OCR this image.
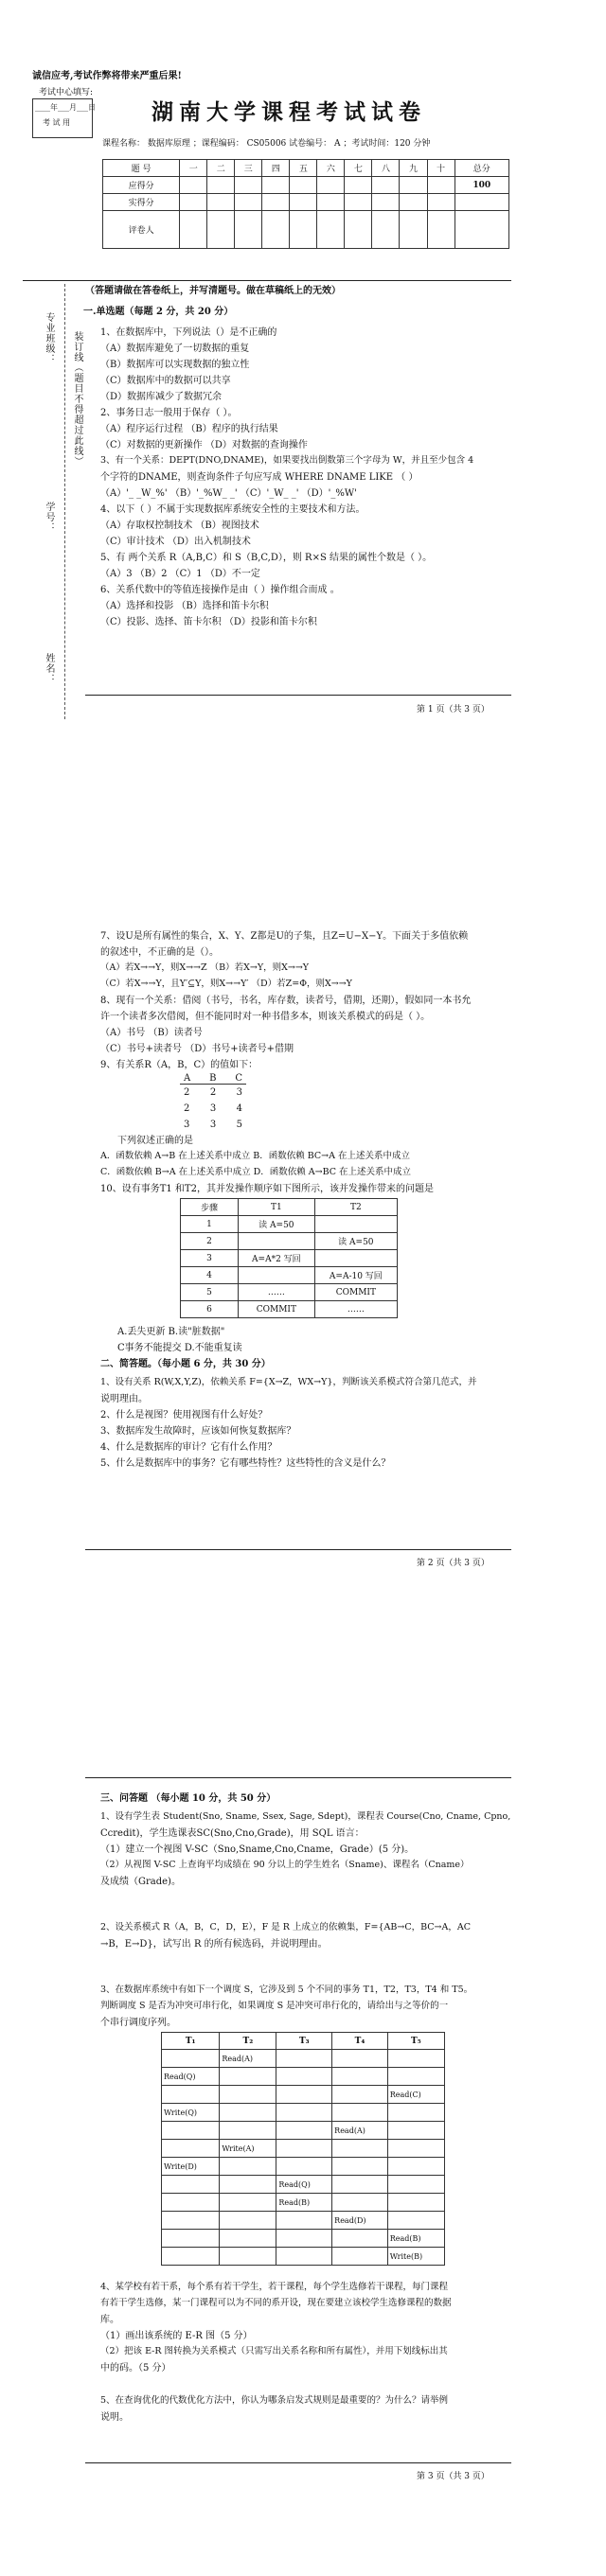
诚信应考,考试作弊将带来严重后果!
考试中心填写:
____年___月___日
考 试 用	湖南大学课程考试试卷
课程名称： 数据库原理 ；课程编码： CS05006 试卷编号： A ；考试时间：120 分钟
题 号	一	二	三	四	五	六	七	八	九	十	总分
应得分											100
实得分											
评卷人											
（答题请做在答卷纸上，并写清题号。做在草稿纸上的无效）
一.单选题（每题 2 分，共 20 分）
专业班级： 装订线（题目不得超过此线）
学号：
姓名：
1、在数据库中，下列说法（）是不正确的
（A）数据库避免了一切数据的重复
（B）数据库可以实现数据的独立性
（C）数据库中的数据可以共享
（D）数据库减少了数据冗余
2、事务日志一般用于保存（ ）。
（A）程序运行过程 （B）程序的执行结果
（C）对数据的更新操作 （D）对数据的查询操作
3、有一个关系：DEPT(DNO,DNAME)，如果要找出倒数第三个字母为 W，并且至少包含 4
个字符的DNAME，则查询条件子句应写成 WHERE DNAME LIKE （ ）
（A）'_ _W_%' （B）'_%W_ _' （C）'_W_ _' （D）'_%W'
4、以下（ ）不属于实现数据库系统安全性的主要技术和方法。
（A）存取权控制技术 （B）视图技术
（C）审计技术 （D）出入机制技术
5、有 两个关系 R（A,B,C）和 S（B,C,D），则 R×S 结果的属性个数是（ ）。
（A）3 （B）2 （C）1 （D）不一定
6、关系代数中的等值连接操作是由（ ）操作组合而成 。
（A）选择和投影 （B）选择和笛卡尔积
（C）投影、选择、笛卡尔积 （D）投影和笛卡尔积
第 1 页（共 3 页）
7、设U是所有属性的集合，X、Y、Z都是U的子集，且Z=U−X−Y。下面关于多值依赖
的叙述中，不正确的是（）。
（A）若X→→Y，则X→→Z （B）若X→Y，则X→→Y
（C）若X→→Y，且Y′⊆Y，则X→→Y′ （D）若Z=Φ，则X→→Y
8、现有一个关系：借阅（书号，书名，库存数，读者号，借期，还期），假如同一本书允
许一个读者多次借阅，但不能同时对一种书借多本，则该关系模式的码是（ ）。
（A）书号 （B）读者号
（C）书号+读者号 （D）书号+读者号+借期
9、有关系R（A，B，C）的值如下：
A B C
2 2 3
2 3 4
3 3 5
下列叙述正确的是
A．函数依赖 A→B 在上述关系中成立 B．函数依赖 BC→A 在上述关系中成立
C．函数依赖 B→A 在上述关系中成立 D．函数依赖 A→BC 在上述关系中成立
10、设有事务T1 和T2，其并发操作顺序如下图所示，该并发操作带来的问题是
步骤	T1	T2
1	读 A=50	
2		读 A=50
3	A=A*2 写回	
4		A=A-10 写回
5	……	COMMIT
6	COMMIT	……
A.丢失更新 B.读"脏数据"
C事务不能提交 D.不能重复读
二、简答题。（每小题 6 分，共 30 分）
1、设有关系 R(W,X,Y,Z)，依赖关系 F={X→Z，WX→Y}，判断该关系模式符合第几范式，并
说明理由。
2、什么是视图？使用视图有什么好处？
3、数据库发生故障时，应该如何恢复数据库？
4、什么是数据库的审计？它有什么作用？
5、什么是数据库中的事务？它有哪些特性？这些特性的含义是什么？
第 2 页（共 3 页）
三、问答题 （每小题 10 分，共 50 分）
1、设有学生表 Student(Sno, Sname, Ssex, Sage, Sdept)，课程表 Course(Cno, Cname, Cpno,
Ccredit)，学生选课表SC(Sno,Cno,Grade)，用 SQL 语言：
（1）建立一个视图 V-SC（Sno,Sname,Cno,Cname，Grade）(5 分)。
（2）从视图 V-SC 上查询平均成绩在 90 分以上的学生姓名（Sname)、课程名（Cname）
及成绩（Grade)。
2、设关系模式 R（A，B，C，D，E），F 是 R 上成立的依赖集，F={AB→C，BC→A，AC
→B，E→D}，试写出 R 的所有候选码，并说明理由。
3、在数据库系统中有如下一个调度 S，它涉及到 5 个不同的事务 T1，T2，T3，T4 和 T5。
判断调度 S 是否为冲突可串行化，如果调度 S 是冲突可串行化的，请给出与之等价的一
个串行调度序列。
T₁	T₂	T₃	T₄	T₅
	Read(A)			
Read(Q)				
				Read(C)
Write(Q)				
			Read(A)	
	Write(A)			
Write(D)				
		Read(Q)		
		Read(B)		
			Read(D)	
				Read(B)
				Write(B)
4、某学校有若干系，每个系有若干学生，若干课程，每个学生选修若干课程，每门课程
有若干学生选修，某一门课程可以为不同的系开设，现在要建立该校学生选修课程的数据
库。
（1）画出该系统的 E-R 图（5 分）
（2）把该 E-R 图转换为关系模式（只需写出关系名称和所有属性），并用下划线标出其
中的码。（5 分）
5、在查询优化的代数优化方法中，你认为哪条启发式规则是最重要的？为什么？请举例
说明。
第 3 页（共 3 页）
